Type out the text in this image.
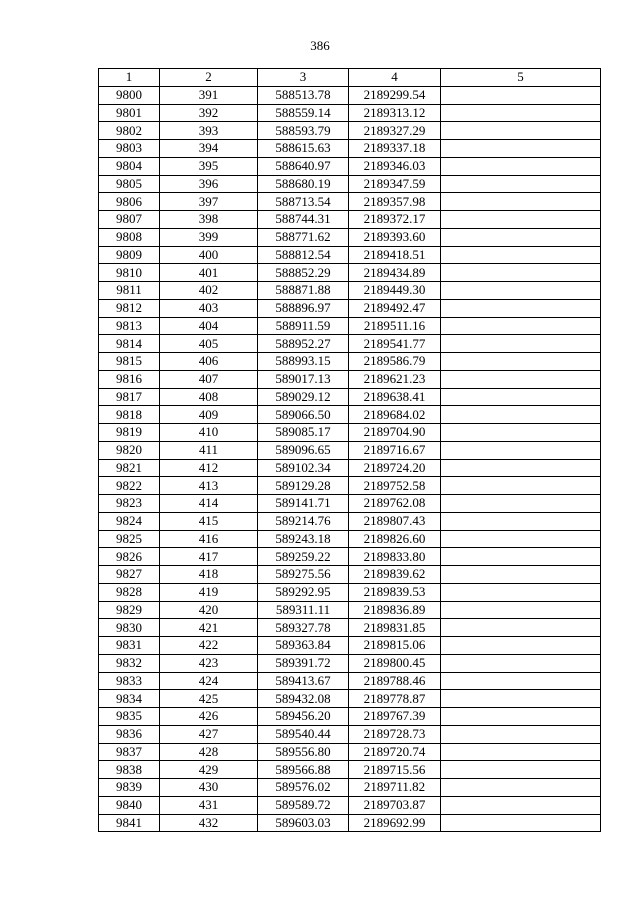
386
1	2	3	4	5
9800	391	588513.78	2189299.54	
9801	392	588559.14	2189313.12	
9802	393	588593.79	2189327.29	
9803	394	588615.63	2189337.18	
9804	395	588640.97	2189346.03	
9805	396	588680.19	2189347.59	
9806	397	588713.54	2189357.98	
9807	398	588744.31	2189372.17	
9808	399	588771.62	2189393.60	
9809	400	588812.54	2189418.51	
9810	401	588852.29	2189434.89	
9811	402	588871.88	2189449.30	
9812	403	588896.97	2189492.47	
9813	404	588911.59	2189511.16	
9814	405	588952.27	2189541.77	
9815	406	588993.15	2189586.79	
9816	407	589017.13	2189621.23	
9817	408	589029.12	2189638.41	
9818	409	589066.50	2189684.02	
9819	410	589085.17	2189704.90	
9820	411	589096.65	2189716.67	
9821	412	589102.34	2189724.20	
9822	413	589129.28	2189752.58	
9823	414	589141.71	2189762.08	
9824	415	589214.76	2189807.43	
9825	416	589243.18	2189826.60	
9826	417	589259.22	2189833.80	
9827	418	589275.56	2189839.62	
9828	419	589292.95	2189839.53	
9829	420	589311.11	2189836.89	
9830	421	589327.78	2189831.85	
9831	422	589363.84	2189815.06	
9832	423	589391.72	2189800.45	
9833	424	589413.67	2189788.46	
9834	425	589432.08	2189778.87	
9835	426	589456.20	2189767.39	
9836	427	589540.44	2189728.73	
9837	428	589556.80	2189720.74	
9838	429	589566.88	2189715.56	
9839	430	589576.02	2189711.82	
9840	431	589589.72	2189703.87	
9841	432	589603.03	2189692.99	
